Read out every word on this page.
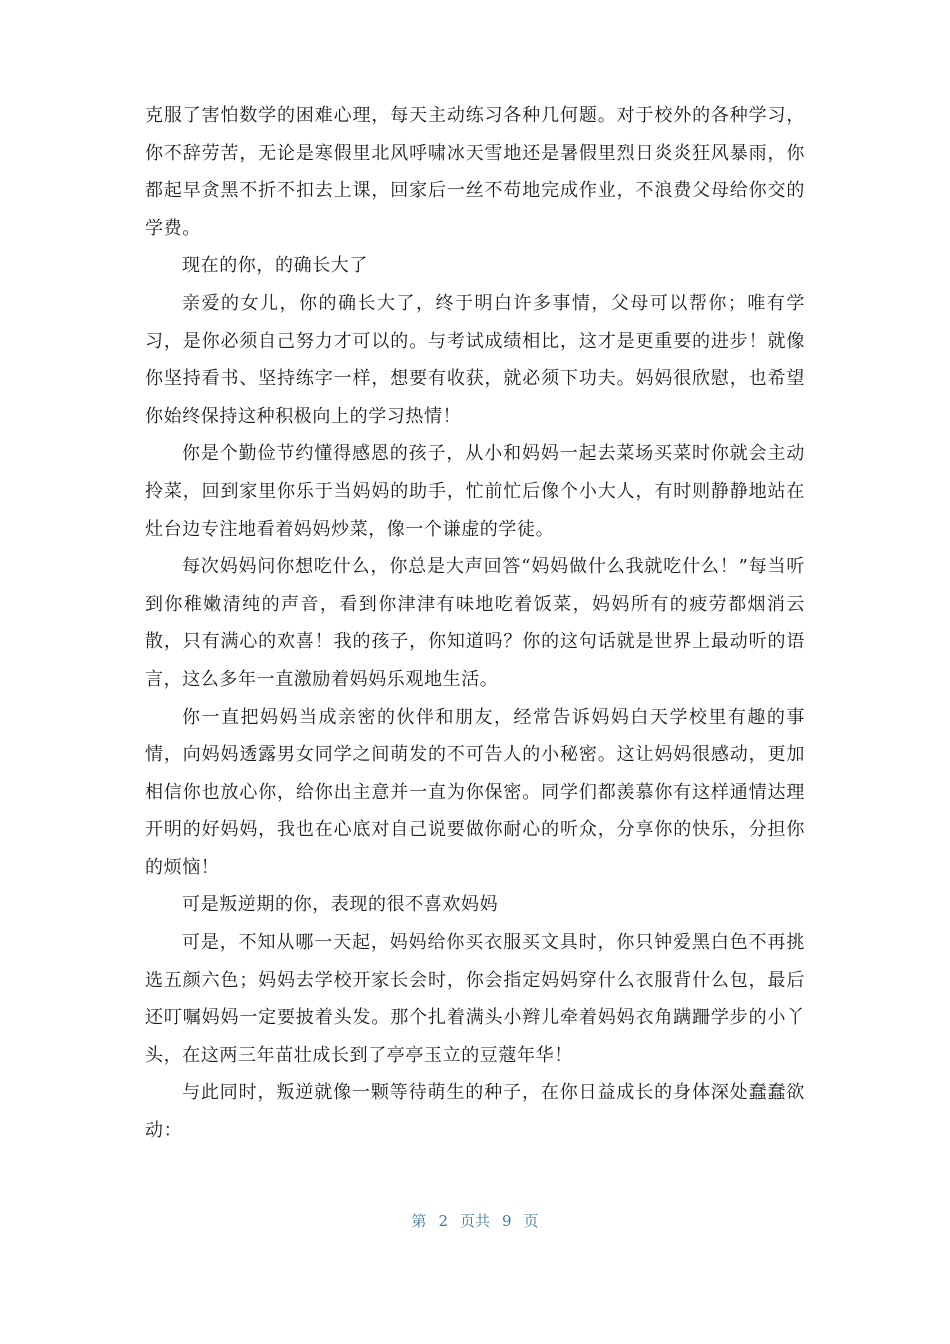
克服了害怕数学的困难心理，每天主动练习各种几何题。对于校外的各种学习，你不辞劳苦，无论是寒假里北风呼啸冰天雪地还是暑假里烈日炎炎狂风暴雨，你都起早贪黑不折不扣去上课，回家后一丝不苟地完成作业，不浪费父母给你交的学费。

现在的你，的确长大了

亲爱的女儿，你的确长大了，终于明白许多事情，父母可以帮你；唯有学习，是你必须自己努力才可以的。与考试成绩相比，这才是更重要的进步！就像你坚持看书、坚持练字一样，想要有收获，就必须下功夫。妈妈很欣慰，也希望你始终保持这种积极向上的学习热情！

你是个勤俭节约懂得感恩的孩子，从小和妈妈一起去菜场买菜时你就会主动拎菜，回到家里你乐于当妈妈的助手，忙前忙后像个小大人，有时则静静地站在灶台边专注地看着妈妈炒菜，像一个谦虚的学徒。

每次妈妈问你想吃什么，你总是大声回答“妈妈做什么我就吃什么！”每当听到你稚嫩清纯的声音，看到你津津有味地吃着饭菜，妈妈所有的疲劳都烟消云散，只有满心的欢喜！我的孩子，你知道吗？你的这句话就是世界上最动听的语言，这么多年一直激励着妈妈乐观地生活。

你一直把妈妈当成亲密的伙伴和朋友，经常告诉妈妈白天学校里有趣的事情，向妈妈透露男女同学之间萌发的不可告人的小秘密。这让妈妈很感动，更加相信你也放心你，给你出主意并一直为你保密。同学们都羡慕你有这样通情达理开明的好妈妈，我也在心底对自己说要做你耐心的听众，分享你的快乐，分担你的烦恼！

可是叛逆期的你，表现的很不喜欢妈妈

可是，不知从哪一天起，妈妈给你买衣服买文具时，你只钟爱黑白色不再挑选五颜六色；妈妈去学校开家长会时，你会指定妈妈穿什么衣服背什么包，最后还叮嘱妈妈一定要披着头发。那个扎着满头小辫儿牵着妈妈衣角蹒跚学步的小丫头，在这两三年苗壮成长到了亭亭玉立的豆蔻年华！

与此同时，叛逆就像一颗等待萌生的种子，在你日益成长的身体深处蠢蠢欲动：

第 2 页共 9 页
